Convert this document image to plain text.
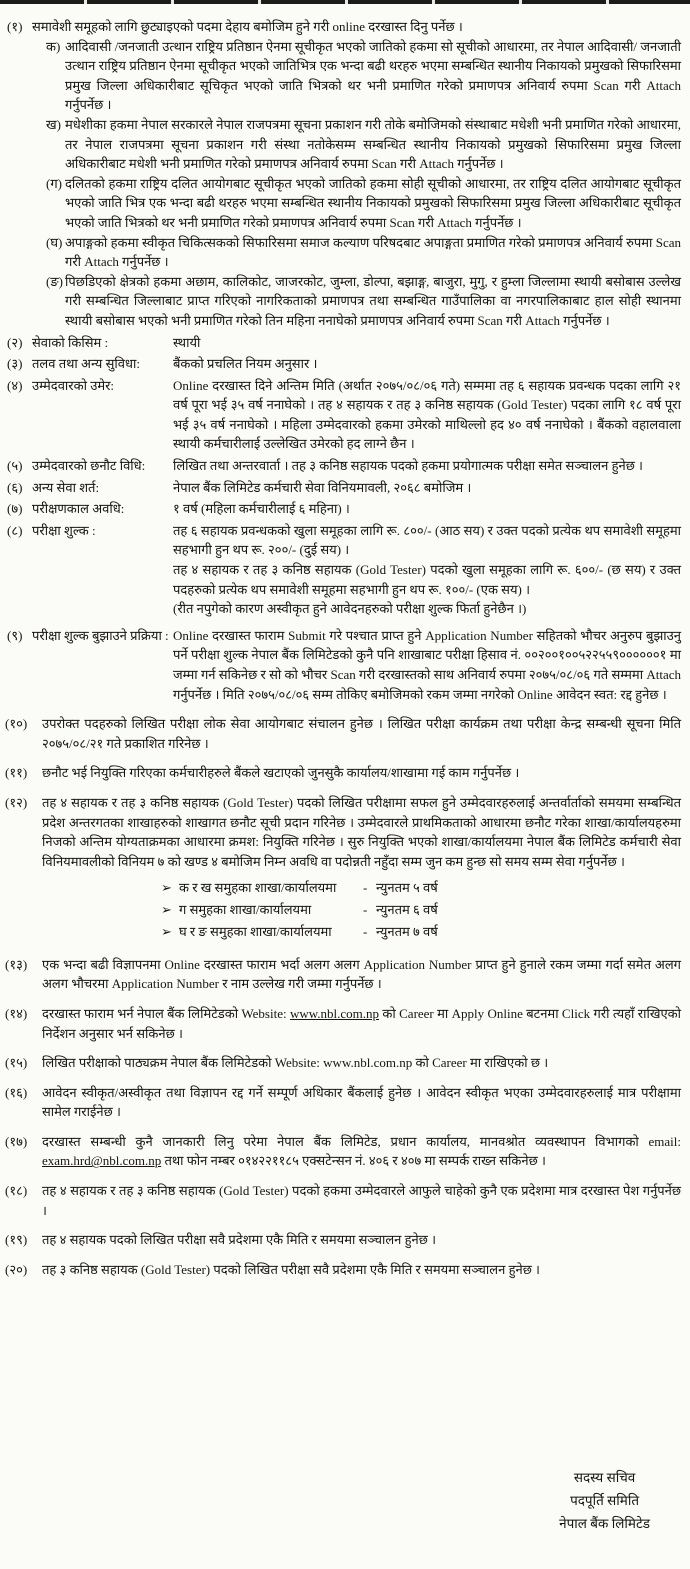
(१) समावेशी समूहको लागि छुट्याइएको पदमा देहाय बमोजिम हुने गरी online दरखास्त दिनु पर्नेछ ।

क) आदिवासी /जनजाती उत्थान राष्ट्रिय प्रतिष्ठान ऐनमा सूचीकृत भएको जातिको हकमा सो सूचीको आधारमा, तर नेपाल आदिवासी/ जनजाती उत्थान राष्ट्रिय प्रतिष्ठान ऐनमा सूचीकृत भएको जातिभित्र एक भन्दा बढी थरहरु भएमा सम्बन्धित स्थानीय निकायको प्रमुखको सिफारिसमा प्रमुख जिल्ला अधिकारीबाट सूचिकृत भएको जाति भित्रको थर भनी प्रमाणित गरेको प्रमाणपत्र अनिवार्य रुपमा Scan गरी Attach गर्नुपर्नेछ ।

ख) मधेशीका हकमा नेपाल सरकारले नेपाल राजपत्रमा सूचना प्रकाशन गरी तोके बमोजिमको संस्थाबाट मधेशी भनी प्रमाणित गरेको आधारमा, तर नेपाल राजपत्रमा सूचना प्रकाशन गरी संस्था नतोकेसम्म सम्बन्धित स्थानीय निकायको प्रमुखको सिफारिसमा प्रमुख जिल्ला अधिकारीबाट मधेशी भनी प्रमाणित गरेको प्रमाणपत्र अनिवार्य रुपमा Scan गरी Attach गर्नुपर्नेछ ।

(ग) दलितको हकमा राष्ट्रिय दलित आयोगबाट सूचीकृत भएको जातिको हकमा सोही सूचीको आधारमा, तर राष्ट्रिय दलित आयोगबाट सूचीकृत भएको जाति भित्र एक भन्दा बढी थरहरु भएमा सम्बन्धित स्थानीय निकायको प्रमुखको सिफारिसमा प्रमुख जिल्ला अधिकारीबाट सूचीकृत भएको जाति भित्रको थर भनी प्रमाणित गरेको प्रमाणपत्र अनिवार्य रुपमा Scan गरी Attach गर्नुपर्नेछ ।

(घ) अपाङ्गको हकमा स्वीकृत चिकित्सकको सिफारिसमा समाज कल्याण परिषदबाट अपाङ्गता प्रमाणित गरेको प्रमाणपत्र अनिवार्य रुपमा Scan गरी Attach गर्नुपर्नेछ ।

(ङ) पिछडिएको क्षेत्रको हकमा अछाम, कालिकोट, जाजरकोट, जुम्ला, डोल्पा, बझाङ्ग, बाजुरा, मुगु, र हुम्ला जिल्लामा स्थायी बसोबास उल्लेख गरी सम्बन्धित जिल्लाबाट प्राप्त गरिएको नागरिकताको प्रमाणपत्र तथा सम्बन्धित गाउँपालिका वा नगरपालिकाबाट हाल सोही स्थानमा स्थायी बसोबास भएको भनी प्रमाणित गरेको तिन महिना ननाघेको प्रमाणपत्र अनिवार्य रुपमा Scan गरी Attach गर्नुपर्नेछ ।

(२) सेवाको किसिम :	स्थायी

(३) तलव तथा अन्य सुविधा:	बैंकको प्रचलित नियम अनुसार ।

(४) उम्मेदवारको उमेर:	Online दरखास्त दिने अन्तिम मिति (अर्थात २०७५/०८/०६ गते) सम्ममा तह ६ सहायक प्रवन्धक पदका लागि २१ वर्ष पूरा भई ३५ वर्ष ननाघेको । तह ४ सहायक र तह ३ कनिष्ठ सहायक (Gold Tester) पदका लागि १८ वर्ष पूरा भई ३५ वर्ष ननाघेको । महिला उम्मेदवारको हकमा उमेरको माथिल्लो हद ४० वर्ष ननाघेको । बैंकको वहालवाला स्थायी कर्मचारीलाई उल्लेखित उमेरको हद लाग्ने छैन ।

(५) उम्मेदवारको छनौट विधि:	लिखित तथा अन्तरवार्ता । तह ३ कनिष्ठ सहायक पदको हकमा प्रयोगात्मक परीक्षा समेत सञ्चालन हुनेछ ।

(६) अन्य सेवा शर्त:	नेपाल बैंक लिमिटेड कर्मचारी सेवा विनियमावली, २०६८ बमोजिम ।

(७) परीक्षणकाल अवधि:	१ वर्ष (महिला कर्मचारीलाई ६ महिना) ।

(८) परीक्षा शुल्क :	तह ६ सहायक प्रवन्धकको खुला समूहका लागि रू. ८००/- (आठ सय) र उक्त पदको प्रत्येक थप समावेशी समूहमा सहभागी हुन थप रू. २००/- (दुई सय) ।

तह ४ सहायक र तह ३ कनिष्ठ सहायक (Gold Tester) पदको खुला समूहका लागि रू. ६००/- (छ सय) र उक्त पदहरुको प्रत्येक थप समावेशी समूहमा सहभागी हुन थप रू. १००/- (एक सय) ।

(रीत नपुगेको कारण अस्वीकृत हुने आवेदनहरुको परीक्षा शुल्क फिर्ता हुनेछैन ।)

(९) परीक्षा शुल्क बुझाउने प्रक्रिया : Online दरखास्त फाराम Submit गरे पश्चात प्राप्त हुने Application Number सहितको भौचर अनुरुप बुझाउनु पर्ने परीक्षा शुल्क नेपाल बैंक लिमिटेडको कुनै पनि शाखाबाट परीक्षा हिसाव नं. ००२००१००५२२५५९००००००१ मा जम्मा गर्न सकिनेछ र सो को भौचर Scan गरी दरखास्तको साथ अनिवार्य रुपमा २०७५/०८/०६ गते सम्ममा Attach गर्नुपर्नेछ । मिति २०७५/०८/०६ सम्म तोकिए बमोजिमको रकम जम्मा नगरेको Online आवेदन स्वत: रद्द हुनेछ ।

(१०)	उपरोक्त पदहरुको लिखित परीक्षा लोक सेवा आयोगबाट संचालन हुनेछ । लिखित परीक्षा कार्यक्रम तथा परीक्षा केन्द्र सम्बन्धी सूचना मिति २०७५/०८/२१ गते प्रकाशित गरिनेछ ।

(११)	छनौट भई नियुक्ति गरिएका कर्मचारीहरुले बैंकले खटाएको जुनसुकै कार्यालय/शाखामा गई काम गर्नुपर्नेछ ।

(१२)	तह ४ सहायक र तह ३ कनिष्ठ सहायक (Gold Tester) पदको लिखित परीक्षामा सफल हुने उम्मेदवारहरुलाई अन्तर्वार्ताको समयमा सम्बन्धित प्रदेश अन्तरगतका शाखाहरुको शाखागत छनौट सूची प्रदान गरिनेछ । उम्मेदवारले प्राथमिकताको आधारमा छनौट गरेका शाखा/कार्यालयहरुमा निजको अन्तिम योग्यताक्रमका आधारमा क्रमश: नियुक्ति गरिनेछ । सुरु नियुक्ति भएको शाखा/कार्यालयमा नेपाल बैंक लिमिटेड कर्मचारी सेवा विनियमावलीको विनियम ७ को खण्ड ४ बमोजिम निम्न अवधि वा पदोन्नती नहुँदा सम्म जुन कम हुन्छ सो समय सम्म सेवा गर्नुपर्नेछ ।

➢ क र ख समुहका शाखा/कार्यालयमा	- न्युनतम ५ वर्ष
➢ ग समुहका शाखा/कार्यालयमा	- न्युनतम ६ वर्ष
➢ घ र ङ समुहका शाखा/कार्यालयमा	- न्युनतम ७ वर्ष
(१३)	एक भन्दा बढी विज्ञापनमा Online दरखास्त फाराम भर्दा अलग अलग Application Number प्राप्त हुने हुनाले रकम जम्मा गर्दा समेत अलग अलग भौचरमा Application Number र नाम उल्लेख गरी जम्मा गर्नुपर्नेछ ।

(१४)	दरखास्त फाराम भर्न नेपाल बैंक लिमिटेडको Website: www.nbl.com.np को Career मा Apply Online बटनमा Click गरी त्यहाँ राखिएको निर्देशन अनुसार भर्न सकिनेछ ।

(१५)	लिखित परीक्षाको पाठ्यक्रम नेपाल बैंक लिमिटेडको Website: www.nbl.com.np को Career मा राखिएको छ ।

(१६)	आवेदन स्वीकृत/अस्वीकृत तथा विज्ञापन रद्द गर्ने सम्पूर्ण अधिकार बैंकलाई हुनेछ । आवेदन स्वीकृत भएका उम्मेदवारहरुलाई मात्र परीक्षामा सामेल गराईनेछ ।

(१७)	दरखास्त सम्बन्धी कुनै जानकारी लिनु परेमा नेपाल बैंक लिमिटेड, प्रधान कार्यालय, मानवश्रोत व्यवस्थापन विभागको email: exam.hrd@nbl.com.np तथा फोन नम्बर ०१४२२११८५ एक्सटेन्सन नं. ४०६ र ४०७ मा सम्पर्क राख्न सकिनेछ ।

(१८)	तह ४ सहायक र तह ३ कनिष्ठ सहायक (Gold Tester) पदको हकमा उम्मेदवारले आफुले चाहेको कुनै एक प्रदेशमा मात्र दरखास्त पेश गर्नुपर्नेछ ।

(१९)	तह ४ सहायक पदको लिखित परीक्षा सवै प्रदेशमा एकै मिति र समयमा सञ्चालन हुनेछ ।

(२०)	तह ३ कनिष्ठ सहायक (Gold Tester) पदको लिखित परीक्षा सवै प्रदेशमा एकै मिति र समयमा सञ्चालन हुनेछ ।

सदस्य सचिव
पदपूर्ति समिति
नेपाल बैंक लिमिटेड
